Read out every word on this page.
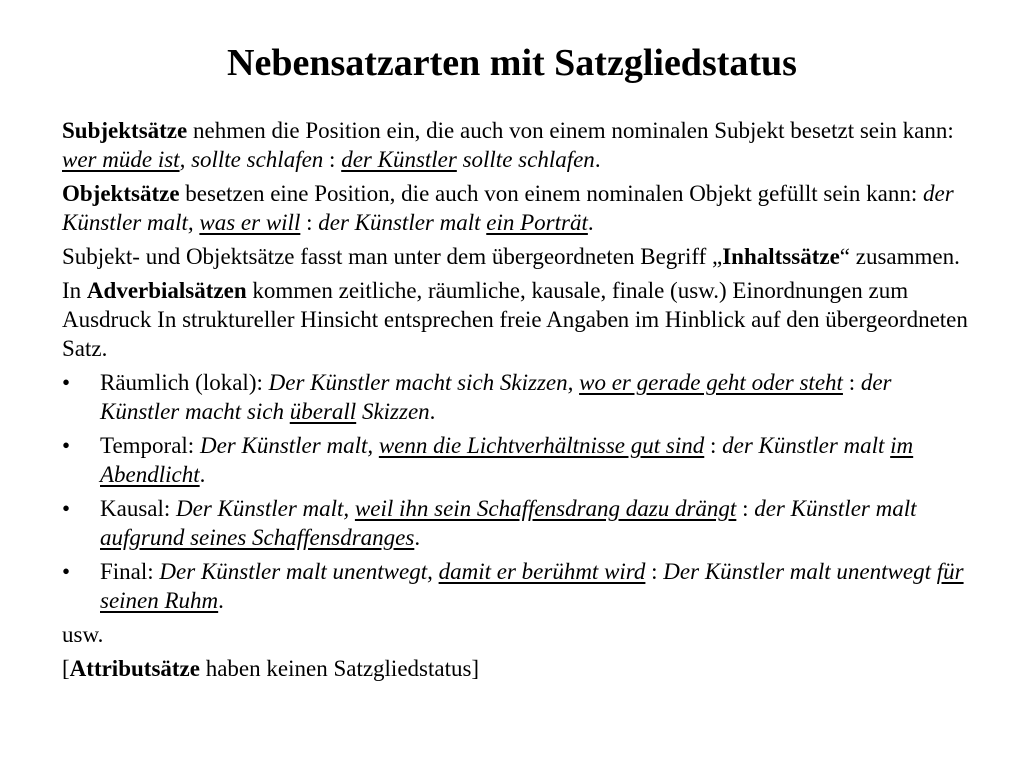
Nebensatzarten mit Satzgliedstatus

Subjektsätze nehmen die Position ein, die auch von einem nominalen Subjekt besetzt sein kann: wer müde ist, sollte schlafen : der Künstler sollte schlafen.

Objektsätze besetzen eine Position, die auch von einem nominalen Objekt gefüllt sein kann: der Künstler malt, was er will : der Künstler malt ein Porträt.

Subjekt- und Objektsätze fasst man unter dem übergeordneten Begriff „Inhaltssätze“ zusammen.

In Adverbialsätzen kommen zeitliche, räumliche, kausale, finale (usw.) Einordnungen zum Ausdruck In struktureller Hinsicht entsprechen freie Angaben im Hinblick auf den übergeordneten Satz.

• Räumlich (lokal): Der Künstler macht sich Skizzen, wo er gerade geht oder steht : der Künstler macht sich überall Skizzen.
• Temporal: Der Künstler malt, wenn die Lichtverhältnisse gut sind : der Künstler malt im Abendlicht.
• Kausal: Der Künstler malt, weil ihn sein Schaffensdrang dazu drängt : der Künstler malt aufgrund seines Schaffensdranges.
• Final: Der Künstler malt unentwegt, damit er berühmt wird : Der Künstler malt unentwegt für seinen Ruhm.

usw.

[Attributsätze haben keinen Satzgliedstatus]
